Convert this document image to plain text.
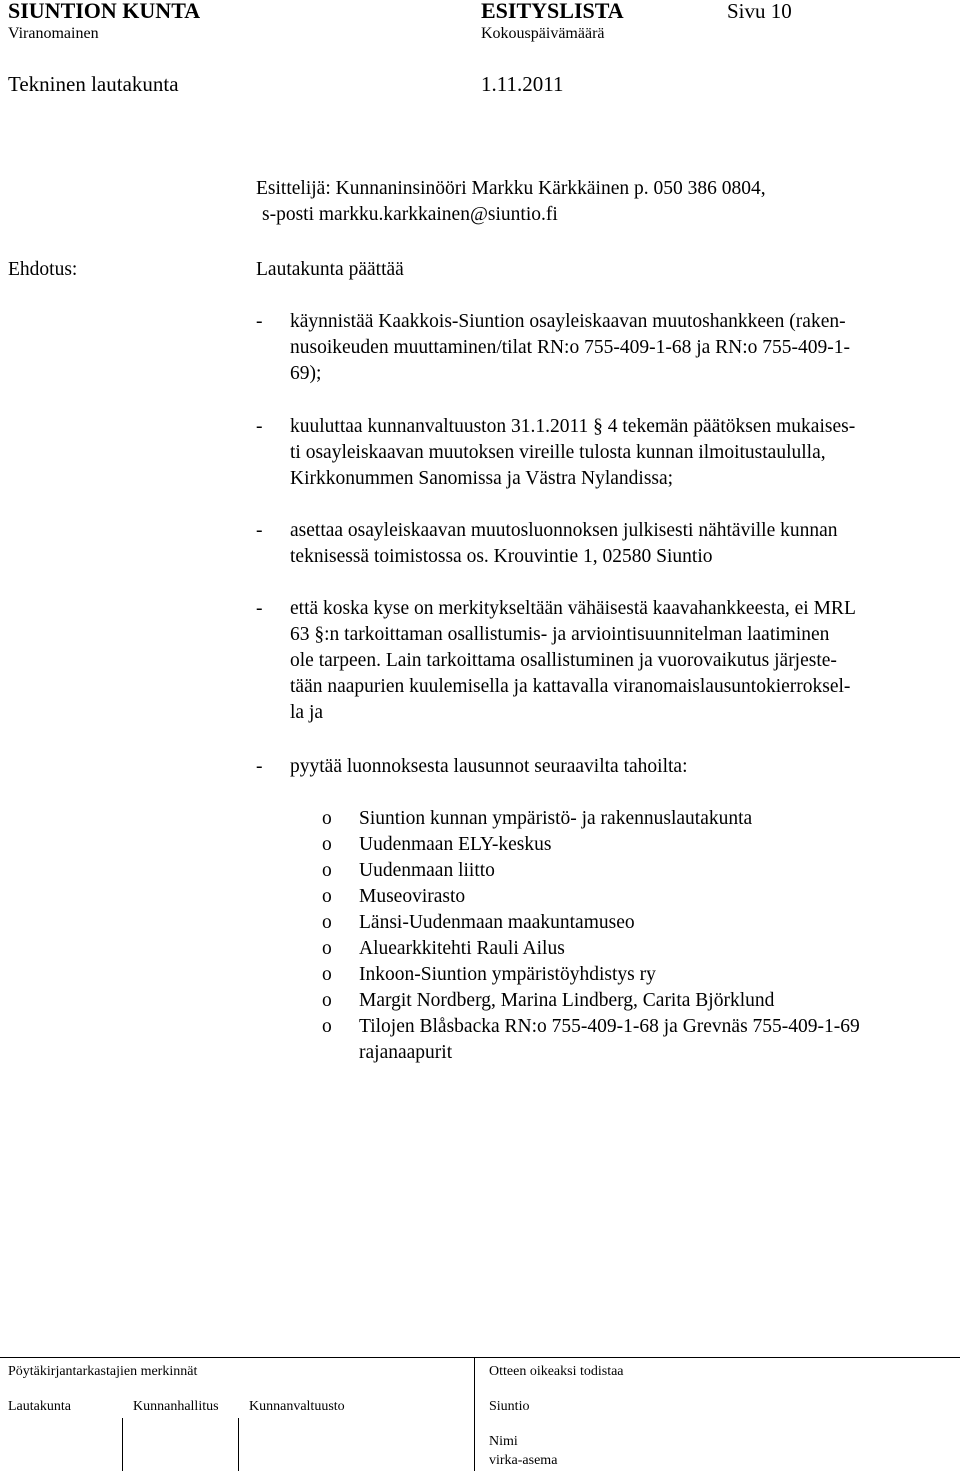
SIUNTION KUNTA	ESITYSLISTA	Sivu 10
Viranomainen	Kokouspäivämäärä
Tekninen lautakunta	1.11.2011
Esittelijä: Kunnaninsinööri Markku Kärkkäinen p. 050 386 0804,
s-posti markku.karkkainen@siuntio.fi
Ehdotus:	Lautakunta päättää
- käynnistää Kaakkois-Siuntion osayleiskaavan muutoshankkeen (raken-
nusoikeuden muuttaminen/tilat RN:o 755-409-1-68 ja RN:o 755-409-1-
69);
- kuuluttaa kunnanvaltuuston 31.1.2011 § 4 tekemän päätöksen mukaises-
ti osayleiskaavan muutoksen vireille tulosta kunnan ilmoitustaululla,
Kirkkonummen Sanomissa ja Västra Nylandissa;
- asettaa osayleiskaavan muutosluonnoksen julkisesti nähtäville kunnan
teknisessä toimistossa os. Krouvintie 1, 02580 Siuntio
- että koska kyse on merkitykseltään vähäisestä kaavahankkeesta, ei MRL
63 §:n tarkoittaman osallistumis- ja arviointisuunnitelman laatiminen
ole tarpeen. Lain tarkoittama osallistuminen ja vuorovaikutus järjeste-
tään naapurien kuulemisella ja kattavalla viranomaislausuntokierroksel-
la ja
- pyytää luonnoksesta lausunnot seuraavilta tahoilta:
o Siuntion kunnan ympäristö- ja rakennuslautakunta
o Uudenmaan ELY-keskus
o Uudenmaan liitto
o Museovirasto
o Länsi-Uudenmaan maakuntamuseo
o Aluearkkitehti Rauli Ailus
o Inkoon-Siuntion ympäristöyhdistys ry
o Margit Nordberg, Marina Lindberg, Carita Björklund
o Tilojen Blåsbacka RN:o 755-409-1-68 ja Grevnäs 755-409-1-69
rajanaapurit
Pöytäkirjantarkastajien merkinnät	Otteen oikeaksi todistaa
Lautakunta	Kunnanhallitus Kunnanvaltuusto	Siuntio
Nimi
virka-asema
